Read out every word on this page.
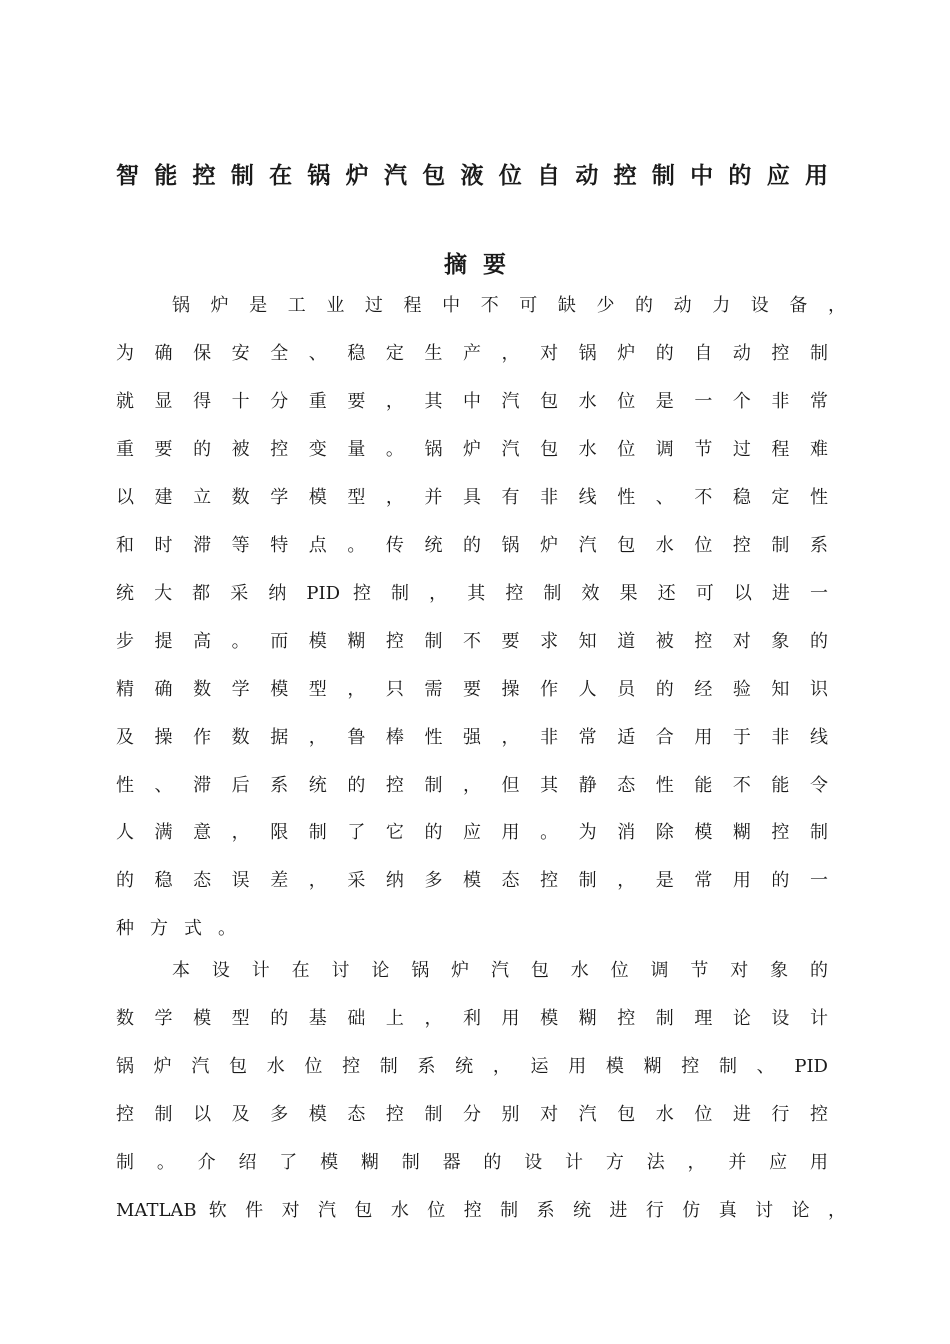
智 能 控 制 在 锅 炉 汽 包 液 位 自 动 控 制 中 的 应 用
摘要

锅 炉 是 工 业 过 程 中 不 可 缺 少 的 动 力 设 备 ，

为 确 保 安 全 、 稳 定 生 产 ， 对 锅 炉 的 自 动 控 制

就 显 得 十 分 重 要 ， 其 中 汽 包 水 位 是 一 个 非 常

重 要 的 被 控 变 量 。 锅 炉 汽 包 水 位 调 节 过 程 难

以 建 立 数 学 模 型 ， 并 具 有 非 线 性 、 不 稳 定 性

和 时 滞 等 特 点 。 传 统 的 锅 炉 汽 包 水 位 控 制 系

统 大 都 采 纳 PID 控 制 ， 其 控 制 效 果 还 可 以 进 一

步 提 高 。 而 模 糊 控 制 不 要 求 知 道 被 控 对 象 的

精 确 数 学 模 型 ， 只 需 要 操 作 人 员 的 经 验 知 识

及 操 作 数 据 ， 鲁 棒 性 强 ， 非 常 适 合 用 于 非 线

性 、 滞 后 系 统 的 控 制 ， 但 其 静 态 性 能 不 能 令

人 满 意 ， 限 制 了 它 的 应 用 。 为 消 除 模 糊 控 制

的 稳 态 误 差 ， 采 纳 多 模 态 控 制 ， 是 常 用 的 一

种 方 式 。

本 设 计 在 讨 论 锅 炉 汽 包 水 位 调 节 对 象 的

数 学 模 型 的 基 础 上 ， 利 用 模 糊 控 制 理 论 设 计

锅 炉 汽 包 水 位 控 制 系 统 ， 运 用 模 糊 控 制 、 PID

控 制 以 及 多 模 态 控 制 分 别 对 汽 包 水 位 进 行 控

制 。 介 绍 了 模 糊 制 器 的 设 计 方 法 ， 并 应 用

MATLAB 软 件 对 汽 包 水 位 控 制 系 统 进 行 仿 真 讨 论 ，
